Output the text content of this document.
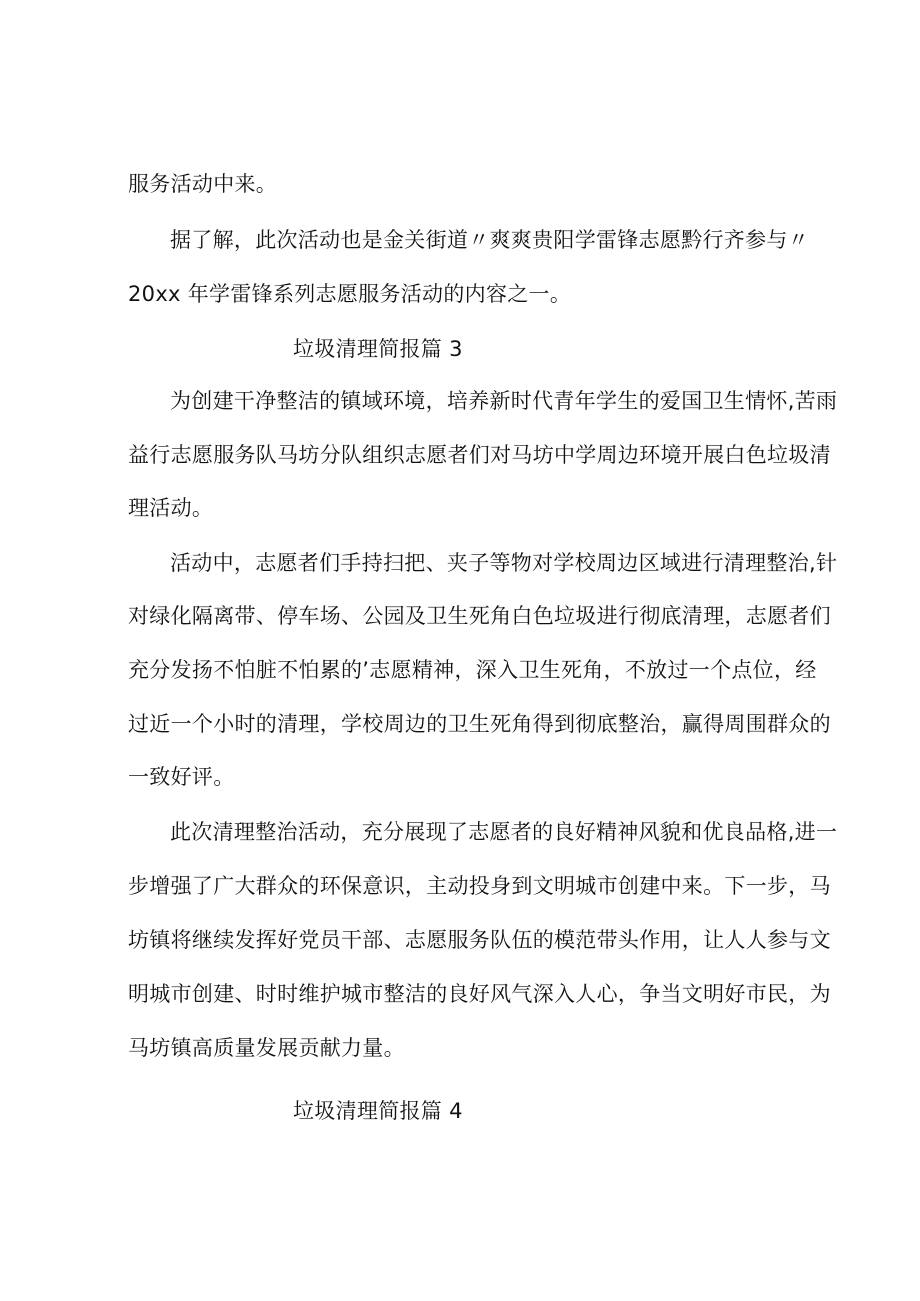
服务活动中来。
据了解，此次活动也是金关街道〃爽爽贵阳学雷锋志愿黔行齐参与〃
20xx 年学雷锋系列志愿服务活动的内容之一。
垃圾清理简报篇 3
为创建干净整洁的镇域环境，培养新时代青年学生的爱国卫生情怀,苦雨
益行志愿服务队马坊分队组织志愿者们对马坊中学周边环境开展白色垃圾清
理活动。
活动中，志愿者们手持扫把、夹子等物对学校周边区域进行清理整治,针
对绿化隔离带、停车场、公园及卫生死角白色垃圾进行彻底清理，志愿者们
充分发扬不怕脏不怕累的’志愿精神，深入卫生死角，不放过一个点位，经
过近一个小时的清理，学校周边的卫生死角得到彻底整治，赢得周围群众的
一致好评。
此次清理整治活动，充分展现了志愿者的良好精神风貌和优良品格,进一
步增强了广大群众的环保意识，主动投身到文明城市创建中来。下一步，马
坊镇将继续发挥好党员干部、志愿服务队伍的模范带头作用，让人人参与文
明城市创建、时时维护城市整洁的良好风气深入人心，争当文明好市民，为
马坊镇高质量发展贡献力量。
垃圾清理简报篇 4
